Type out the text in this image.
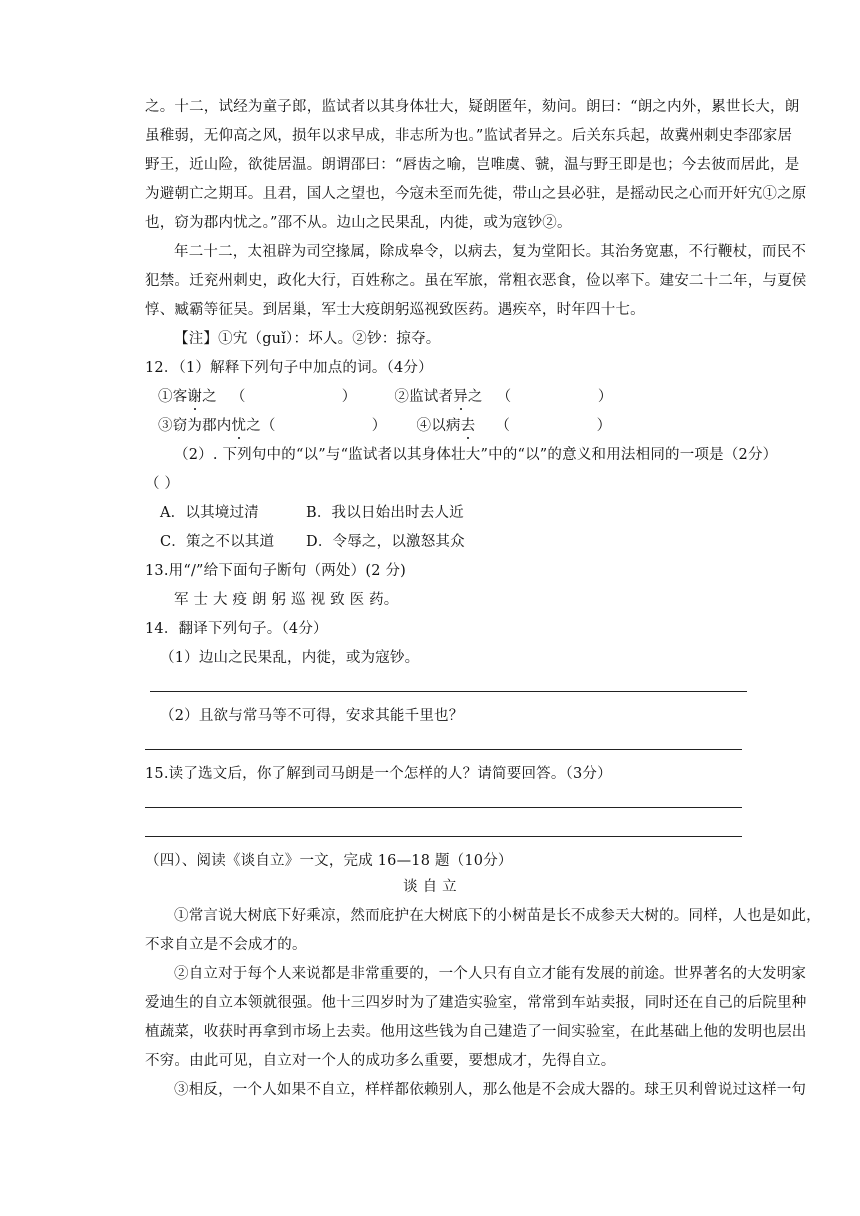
之。十二，试经为童子郎，监试者以其身体壮大，疑朗匿年，劾问。朗曰：“朗之内外，累世长大，朗
虽稚弱，无仰高之风，损年以求早成，非志所为也。”监试者异之。后关东兵起，故冀州刺史李邵家居
野王，近山险，欲徙居温。朗谓邵曰：“唇齿之喻，岂唯虞、虢，温与野王即是也；今去彼而居此，是
为避朝亡之期耳。且君，国人之望也，今寇未至而先徙，带山之县必驻，是摇动民之心而开奸宄①之原
也，窃为郡内忧之。”邵不从。边山之民果乱，内徙，或为寇钞②。
年二十二，太祖辟为司空掾属，除成皋令，以病去，复为堂阳长。其治务宽惠，不行鞭杖，而民不
犯禁。迁兖州刺史，政化大行，百姓称之。虽在军旅，常粗衣恶食，俭以率下。建安二十二年，与夏侯
惇、臧霸等征吴。到居巢，军士大疫朗躬巡视致医药。遇疾卒，时年四十七。
【注】①宄（guǐ）：坏人。②钞：掠夺。
12．（1）解释下列句子中加点的词。（4分）
①客谢之 （                    ）	②监试者异之 （                  ）
③窃为郡内忧之（                    ） ④以病去 （                  ）
（2）. 下列句中的“以”与“监试者以其身体壮大”中的“以”的意义和用法相同的一项是（2分）
（ ）
A．以其境过清	B．我以日始出时去人近
C．策之不以其道 D．令辱之，以激怒其众
13.用“/”给下面句子断句（两处）(2 分)
军 士 大 疫 朗 躬 巡 视 致 医 药。
14．翻译下列句子。（4分）
（1）边山之民果乱，内徙，或为寇钞。
（2）且欲与常马等不可得，安求其能千里也？
15.读了选文后，你了解到司马朗是一个怎样的人？请简要回答。（3分）
（四）、阅读《谈自立》一文，完成 16—18 题（10分）
谈 自 立
①常言说大树底下好乘凉，然而庇护在大树底下的小树苗是长不成参天大树的。同样，人也是如此，
不求自立是不会成才的。
②自立对于每个人来说都是非常重要的，一个人只有自立才能有发展的前途。世界著名的大发明家
爱迪生的自立本领就很强。他十三四岁时为了建造实验室，常常到车站卖报，同时还在自己的后院里种
植蔬菜，收获时再拿到市场上去卖。他用这些钱为自己建造了一间实验室，在此基础上他的发明也层出
不穷。由此可见，自立对一个人的成功多么重要，要想成才，先得自立。
③相反，一个人如果不自立，样样都依赖别人，那么他是不会成大器的。球王贝利曾说过这样一句
